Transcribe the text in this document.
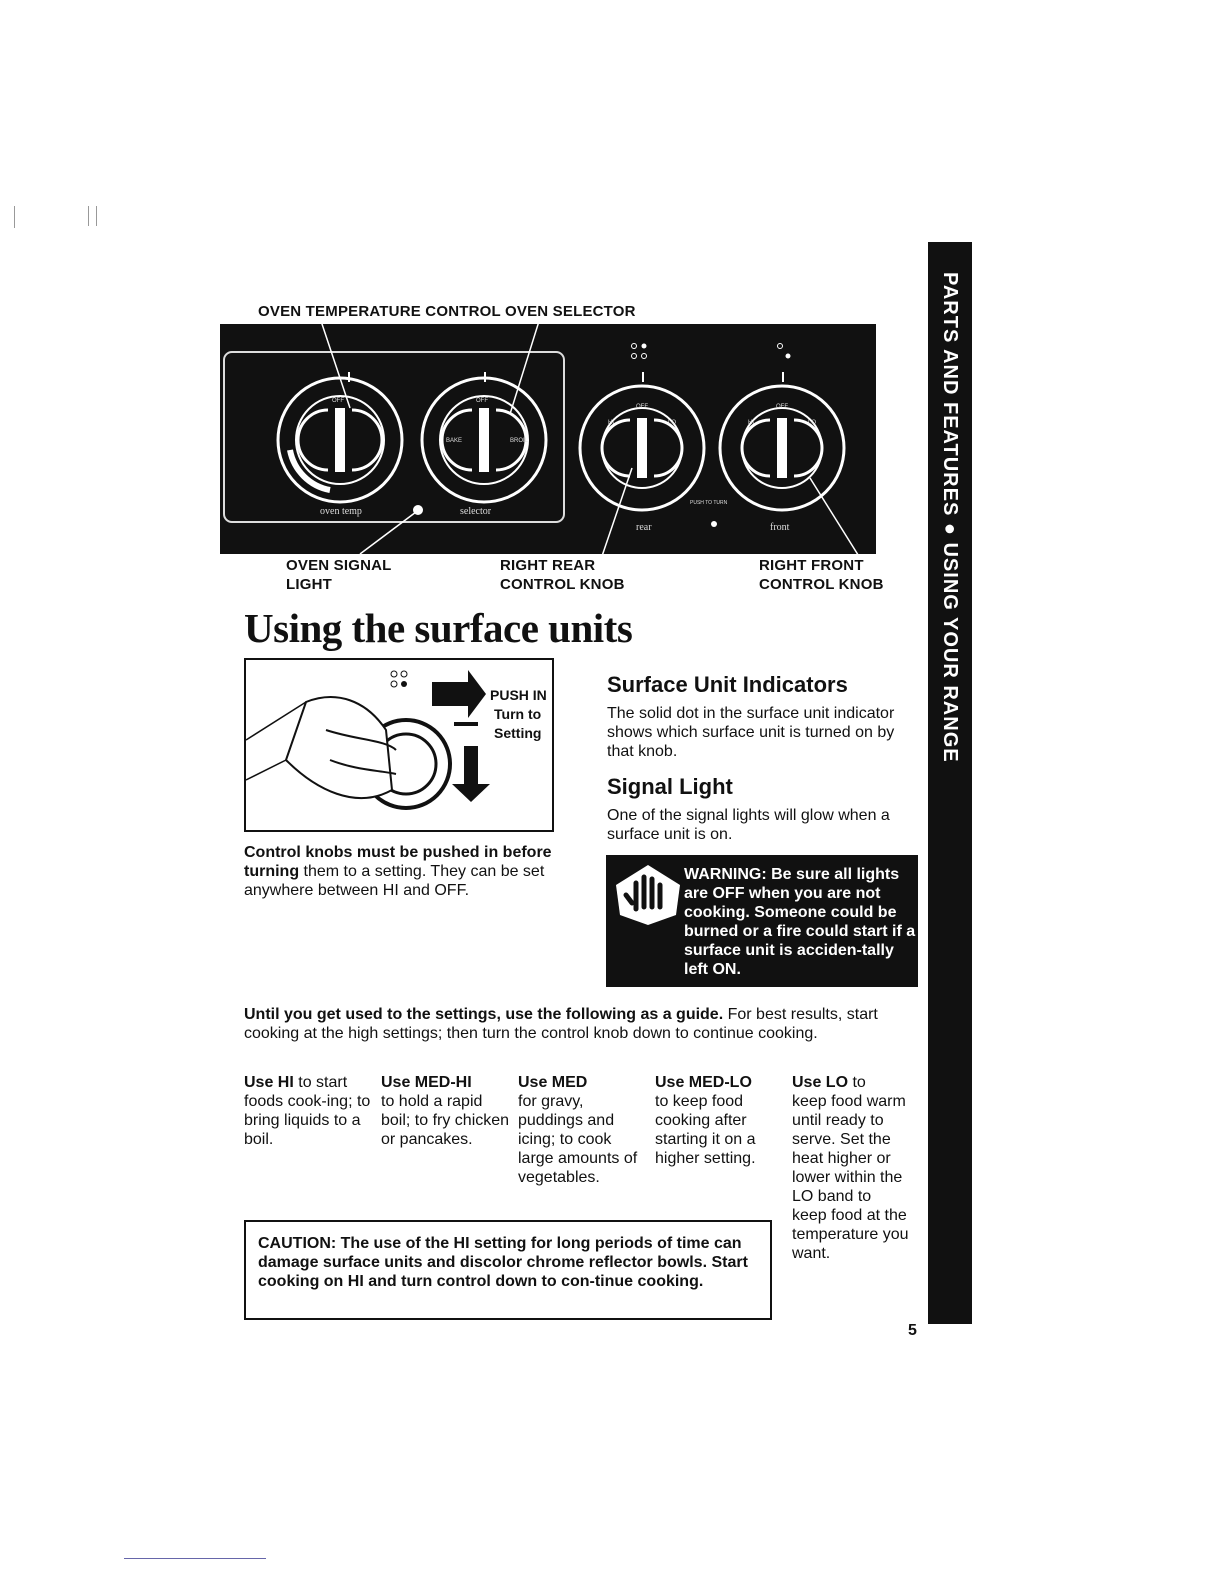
PARTS AND FEATURES ● USING YOUR RANGE
OVEN TEMPERATURE CONTROL OVEN SELECTOR
oven temp	selector
rear	front
PUSH TO TURN
OFF	OFF
OFF	OFF
HI	HI
LO	LO
BAKE	BROIL
OVEN SIGNAL
LIGHT
RIGHT REAR
CONTROL KNOB
RIGHT FRONT
CONTROL KNOB
Using the surface units
PUSH IN
Turn to
Setting
Control knobs must be pushed in before turning them to a setting. They can be set anywhere between HI and OFF.
Surface Unit Indicators
The solid dot in the surface unit indicator shows which surface unit is turned on by that knob.
Signal Light
One of the signal lights will glow when a surface unit is on.
WARNING: Be sure all lights are OFF when you are not cooking. Someone could be burned or a fire could start if a surface unit is acciden-tally left ON.
Until you get used to the settings, use the following as a guide. For best results, start cooking at the high settings; then turn the control knob down to continue cooking.
Use HI to start
foods cook-ing; to bring liquids to a boil.
Use MED-HI
to hold a rapid boil; to fry chicken or pancakes.
Use MED
for gravy, puddings and icing; to cook large amounts of vegetables.
Use MED-LO
to keep food cooking after starting it on a higher setting.
Use LO to
keep food warm until ready to serve. Set the heat higher or lower within the LO band to keep food at the temperature you want.
CAUTION: The use of the HI setting for long periods of time can damage surface units and discolor chrome reflector bowls. Start cooking on HI and turn control down to con-tinue cooking.
5
